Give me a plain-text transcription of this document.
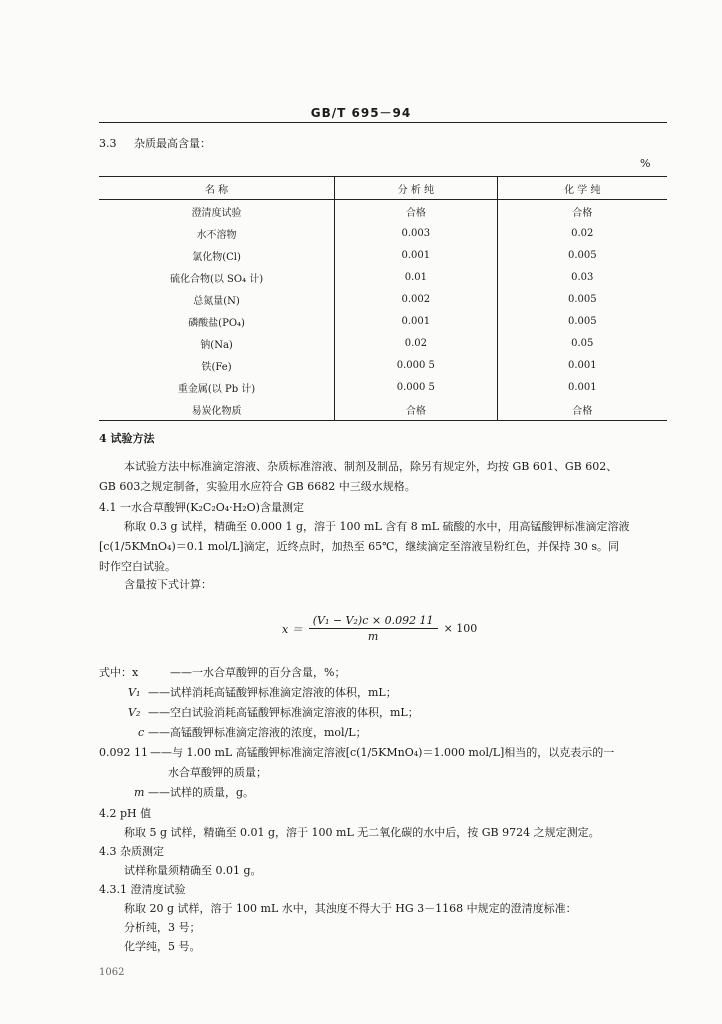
GB/T 695－94
3.3 杂质最高含量：
%
名 称	分 析 纯	化 学 纯
澄清度试验	合格	合格
水不溶物	0.003	0.02
氯化物(Cl)	0.001	0.005
硫化合物(以 SO₄ 计)	0.01	0.03
总氮量(N)	0.002	0.005
磷酸盐(PO₄)	0.001	0.005
钠(Na)	0.02	0.05
铁(Fe)	0.000 5	0.001
重金属(以 Pb 计)	0.000 5	0.001
易炭化物质	合格	合格
4 试验方法
本试验方法中标准滴定溶液、杂质标准溶液、制剂及制品，除另有规定外，均按 GB 601、GB 602、
GB 603之规定制备，实验用水应符合 GB 6682 中三级水规格。
4.1 一水合草酸钾(K₂C₂O₄·H₂O)含量测定
称取 0.3 g 试样，精确至 0.000 1 g，溶于 100 mL 含有 8 mL 硫酸的水中，用高锰酸钾标准滴定溶液
[c(1/5KMnO₄)＝0.1 mol/L]滴定，近终点时，加热至 65℃，继续滴定至溶液呈粉红色，并保持 30 s。同
时作空白试验。
含量按下式计算：
$x = \frac{\text{(V₁ − V₂)c × 0.092 11}}{m} \times 100$
式中：x	——一水合草酸钾的百分含量，%；
V₁ ——试样消耗高锰酸钾标准滴定溶液的体积，mL；
V₂ ——空白试验消耗高锰酸钾标准滴定溶液的体积，mL；
c ——高锰酸钾标准滴定溶液的浓度，mol/L；
0.092 11 ——与 1.00 mL 高锰酸钾标准滴定溶液[c(1/5KMnO₄)＝1.000 mol/L]相当的，以克表示的一
水合草酸钾的质量；
m ——试样的质量，g。
4.2 pH 值
称取 5 g 试样，精确至 0.01 g，溶于 100 mL 无二氧化碳的水中后，按 GB 9724 之规定测定。
4.3 杂质测定
试样称量须精确至 0.01 g。
4.3.1 澄清度试验
称取 20 g 试样，溶于 100 mL 水中，其浊度不得大于 HG 3－1168 中规定的澄清度标准：
分析纯，3 号；
化学纯，5 号。
1062
